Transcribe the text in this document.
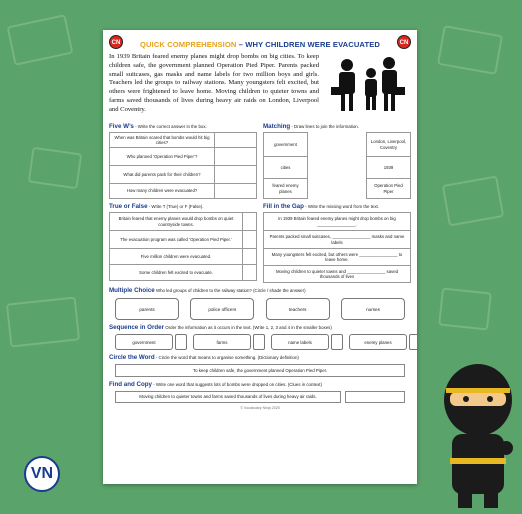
CN	QUICK COMPREHENSION – WHY CHILDREN WERE EVACUATED	CN

In 1939 Britain feared enemy planes might drop bombs on big cities. To keep children safe, the government planned Operation Pied Piper. Parents packed small suitcases, gas masks and name labels for two million boys and girls. Teachers led the groups to railway stations. Many youngsters felt excited, but others were frightened to leave home. Moving children to quieter towns and farms saved thousands of lives during heavy air raids on London, Liverpool and Coventry.

Five W’s - Write the correct answer in the box.
When was Britain scared that bombs would hit big cities?	
Who planned ‘Operation Pied Piper’?	
What did parents pack for their children?	
How many children were evacuated?	
Matching - Draw lines to join the information.
government		London, Liverpool, Coventry
cities		1939
feared enemy planes		Operation Pied Piper
True or False - Write T (True) or F (False).
Britain feared that enemy planes would drop bombs on quiet countryside towns.	
The evacuation program was called ‘Operation Pied Piper.’	
Five million children were evacuated.	
Some children felt excited to evacuate.	
Fill in the Gap - Write the missing word from the text.
In 1939 Britain feared enemy planes might drop bombs on big ________________.
Parents packed small suitcases, ________________ masks and name labels
Many youngsters felt excited, but others were ________________ to leave home.
Moving children to quieter towns and ________________ saved thousands of lives
Multiple Choice Who led groups of children to the railway station? (Circle / shade the answer)
parents	police officers	teachers	nurses
Sequence in Order Order the information as it occurs in the text. (Write 1, 2, 3 and 4 in the smaller boxes)
government	farms	name labels	enemy planes
Circle the Word - Circle the word that means to organise something. (Dictionary definition)
To keep children safe, the government planned Operation Pied Piper.
Find and Copy - Write one word that suggests lots of bombs were dropped on cities. (Clues in context)
Moving children to quieter towns and farms saved thousands of lives during heavy air raids.
© Vocabulary Ninja 2025
VN
